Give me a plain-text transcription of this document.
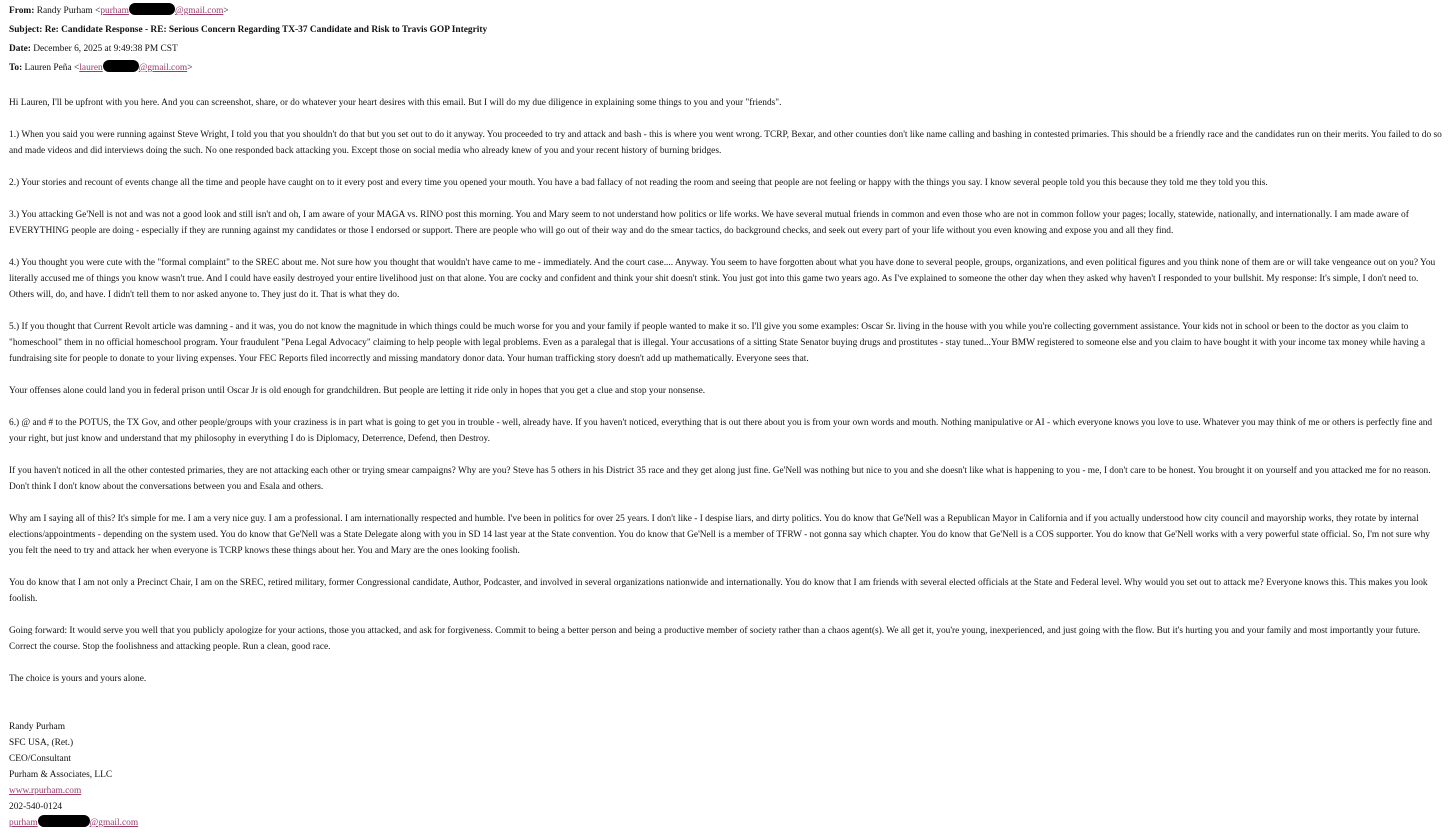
From: Randy Purham <purham	@gmail.com>

Subject: Re: Candidate Response - RE: Serious Concern Regarding TX-37 Candidate and Risk to Travis GOP Integrity

Date: December 6, 2025 at 9:49:38 PM CST

To: Lauren Peña <lauren	@gmail.com>

Hi Lauren, I'll be upfront with you here. And you can screenshot, share, or do whatever your heart desires with this email. But I will do my due diligence in explaining some things to you and your "friends".

1.) When you said you were running against Steve Wright, I told you that you shouldn't do that but you set out to do it anyway. You proceeded to try and attack and bash - this is where you went wrong. TCRP, Bexar, and other counties don't like name calling and bashing in contested primaries. This should be a friendly race and the candidates run on their merits. You failed to do so and made videos and did interviews doing the such. No one responded back attacking you. Except those on social media who already knew of you and your recent history of burning bridges.

2.) Your stories and recount of events change all the time and people have caught on to it every post and every time you opened your mouth. You have a bad fallacy of not reading the room and seeing that people are not feeling or happy with the things you say. I know several people told you this because they told me they told you this.

3.) You attacking Ge'Nell is not and was not a good look and still isn't and oh, I am aware of your MAGA vs. RINO post this morning. You and Mary seem to not understand how politics or life works. We have several mutual friends in common and even those who are not in common follow your pages; locally, statewide, nationally, and internationally. I am made aware of EVERYTHING people are doing - especially if they are running against my candidates or those I endorsed or support. There are people who will go out of their way and do the smear tactics, do background checks, and seek out every part of your life without you even knowing and expose you and all they find.

4.) You thought you were cute with the "formal complaint" to the SREC about me. Not sure how you thought that wouldn't have came to me - immediately. And the court case.... Anyway. You seem to have forgotten about what you have done to several people, groups, organizations, and even political figures and you think none of them are or will take vengeance out on you? You literally accused me of things you know wasn't true. And I could have easily destroyed your entire livelihood just on that alone. You are cocky and confident and think your shit doesn't stink. You just got into this game two years ago. As I've explained to someone the other day when they asked why haven't I responded to your bullshit. My response: It's simple, I don't need to. Others will, do, and have. I didn't tell them to nor asked anyone to. They just do it. That is what they do.

5.) If you thought that Current Revolt article was damning - and it was, you do not know the magnitude in which things could be much worse for you and your family if people wanted to make it so. I'll give you some examples: Oscar Sr. living in the house with you while you're collecting government assistance. Your kids not in school or been to the doctor as you claim to "homeschool" them in no official homeschool program. Your fraudulent "Pena Legal Advocacy" claiming to help people with legal problems. Even as a paralegal that is illegal. Your accusations of a sitting State Senator buying drugs and prostitutes - stay tuned...Your BMW registered to someone else and you claim to have bought it with your income tax money while having a fundraising site for people to donate to your living expenses. Your FEC Reports filed incorrectly and missing mandatory donor data. Your human trafficking story doesn't add up mathematically. Everyone sees that.

Your offenses alone could land you in federal prison until Oscar Jr is old enough for grandchildren. But people are letting it ride only in hopes that you get a clue and stop your nonsense.

6.) @ and # to the POTUS, the TX Gov, and other people/groups with your craziness is in part what is going to get you in trouble - well, already have. If you haven't noticed, everything that is out there about you is from your own words and mouth. Nothing manipulative or AI - which everyone knows you love to use. Whatever you may think of me or others is perfectly fine and your right, but just know and understand that my philosophy in everything I do is Diplomacy, Deterrence, Defend, then Destroy.

If you haven't noticed in all the other contested primaries, they are not attacking each other or trying smear campaigns? Why are you? Steve has 5 others in his District 35 race and they get along just fine. Ge'Nell was nothing but nice to you and she doesn't like what is happening to you - me, I don't care to be honest. You brought it on yourself and you attacked me for no reason. Don't think I don't know about the conversations between you and Esala and others.

Why am I saying all of this? It's simple for me. I am a very nice guy. I am a professional. I am internationally respected and humble. I've been in politics for over 25 years. I don't like - I despise liars, and dirty politics. You do know that Ge'Nell was a Republican Mayor in California and if you actually understood how city council and mayorship works, they rotate by internal elections/appointments - depending on the system used. You do know that Ge'Nell was a State Delegate along with you in SD 14 last year at the State convention. You do know that Ge'Nell is a member of TFRW - not gonna say which chapter. You do know that Ge'Nell is a COS supporter. You do know that Ge'Nell works with a very powerful state official. So, I'm not sure why you felt the need to try and attack her when everyone is TCRP knows these things about her. You and Mary are the ones looking foolish.

You do know that I am not only a Precinct Chair, I am on the SREC, retired military, former Congressional candidate, Author, Podcaster, and involved in several organizations nationwide and internationally. You do know that I am friends with several elected officials at the State and Federal level. Why would you set out to attack me? Everyone knows this. This makes you look foolish.

Going forward: It would serve you well that you publicly apologize for your actions, those you attacked, and ask for forgiveness. Commit to being a better person and being a productive member of society rather than a chaos agent(s). We all get it, you're young, inexperienced, and just going with the flow. But it's hurting you and your family and most importantly your future. Correct the course. Stop the foolishness and attacking people. Run a clean, good race.

The choice is yours and yours alone.

Randy Purham

SFC USA, (Ret.)

CEO/Consultant

Purham & Associates, LLC

www.rpurham.com

202-540-0124

purham	@gmail.com
